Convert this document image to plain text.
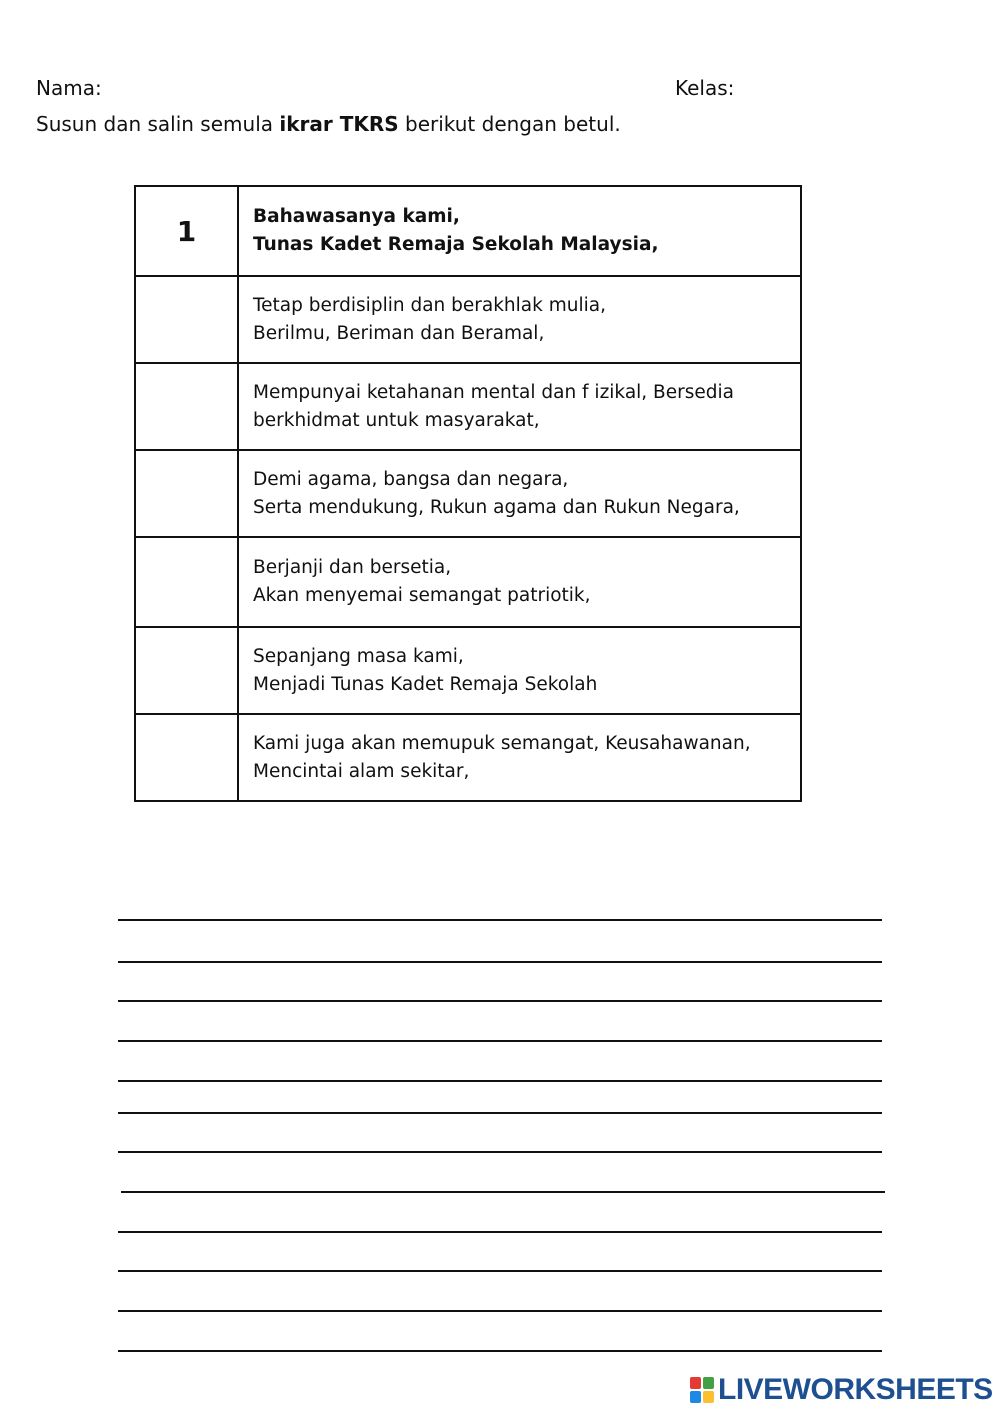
Nama:	Kelas:
Susun dan salin semula ikrar TKRS berikut dengan betul.
1	Bahawasanya kami,
Tunas Kadet Remaja Sekolah Malaysia,

	Tetap berdisiplin dan berakhlak mulia,
Berilmu, Beriman dan Beramal,

	Mempunyai ketahanan mental dan f izikal, Bersedia
berkhidmat untuk masyarakat,

	Demi agama, bangsa dan negara,
Serta mendukung, Rukun agama dan Rukun Negara,

	Berjanji dan bersetia,
Akan menyemai semangat patriotik,

	Sepanjang masa kami,
Menjadi Tunas Kadet Remaja Sekolah

	Kami juga akan memupuk semangat, Keusahawanan,
Mencintai alam sekitar,
LIVEWORKSHEETS
